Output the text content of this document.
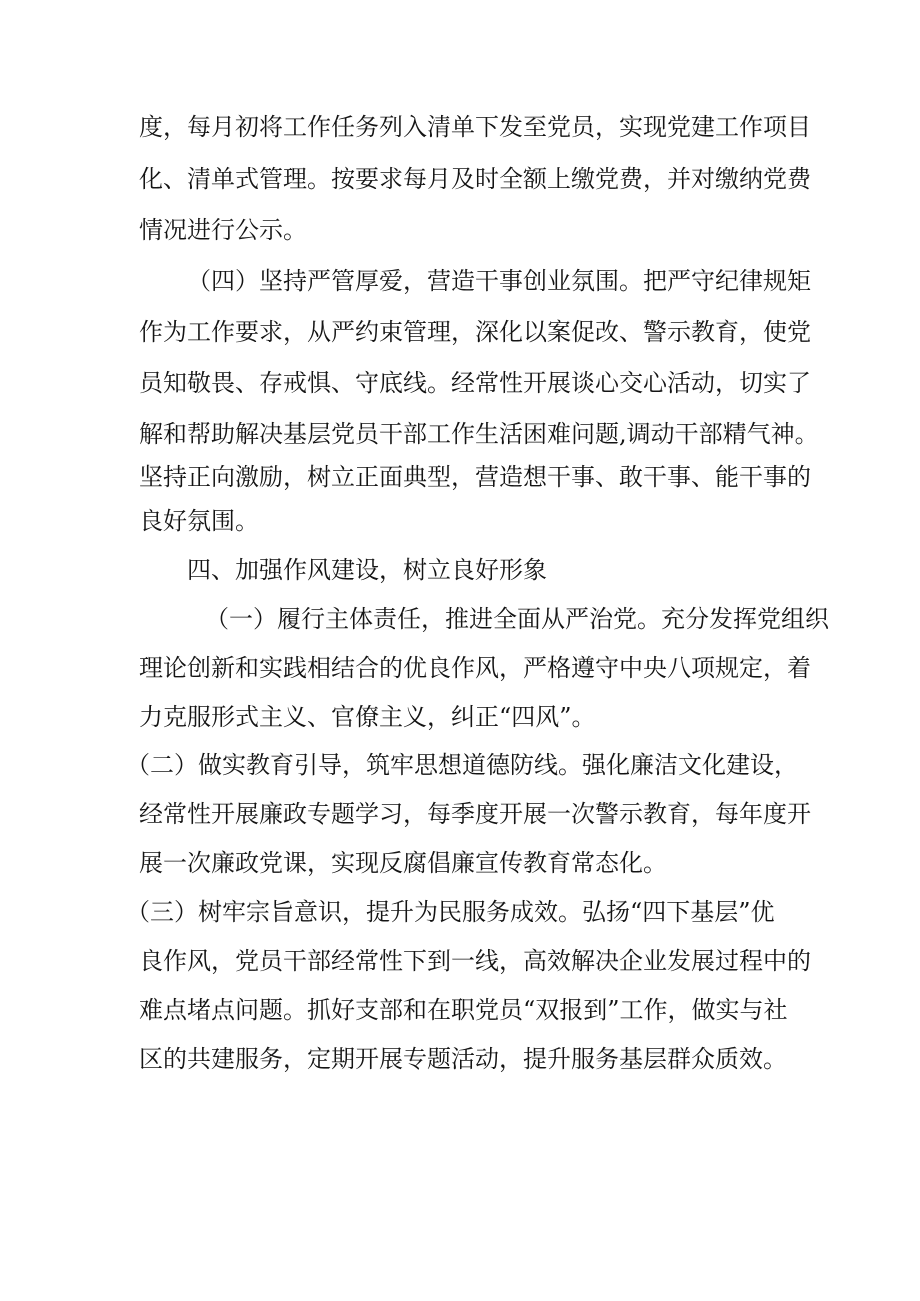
度，每月初将工作任务列入清单下发至党员，实现党建工作项目
化、清单式管理。按要求每月及时全额上缴党费，并对缴纳党费
情况进行公示。
（四）坚持严管厚爱，营造干事创业氛围。把严守纪律规矩
作为工作要求，从严约束管理，深化以案促改、警示教育，使党
员知敬畏、存戒惧、守底线。经常性开展谈心交心活动，切实了
解和帮助解决基层党员干部工作生活困难问题,调动干部精气神。
坚持正向激励，树立正面典型，营造想干事、敢干事、能干事的
良好氛围。
四、加强作风建设，树立良好形象
（一）履行主体责任，推进全面从严治党。充分发挥党组织
理论创新和实践相结合的优良作风，严格遵守中央八项规定，着
力克服形式主义、官僚主义，纠正“四风”。
（二）做实教育引导，筑牢思想道德防线。强化廉洁文化建设，
经常性开展廉政专题学习，每季度开展一次警示教育，每年度开
展一次廉政党课，实现反腐倡廉宣传教育常态化。
（三）树牢宗旨意识，提升为民服务成效。弘扬“四下基层”优
良作风，党员干部经常性下到一线，高效解决企业发展过程中的
难点堵点问题。抓好支部和在职党员“双报到”工作，做实与社
区的共建服务，定期开展专题活动，提升服务基层群众质效。
